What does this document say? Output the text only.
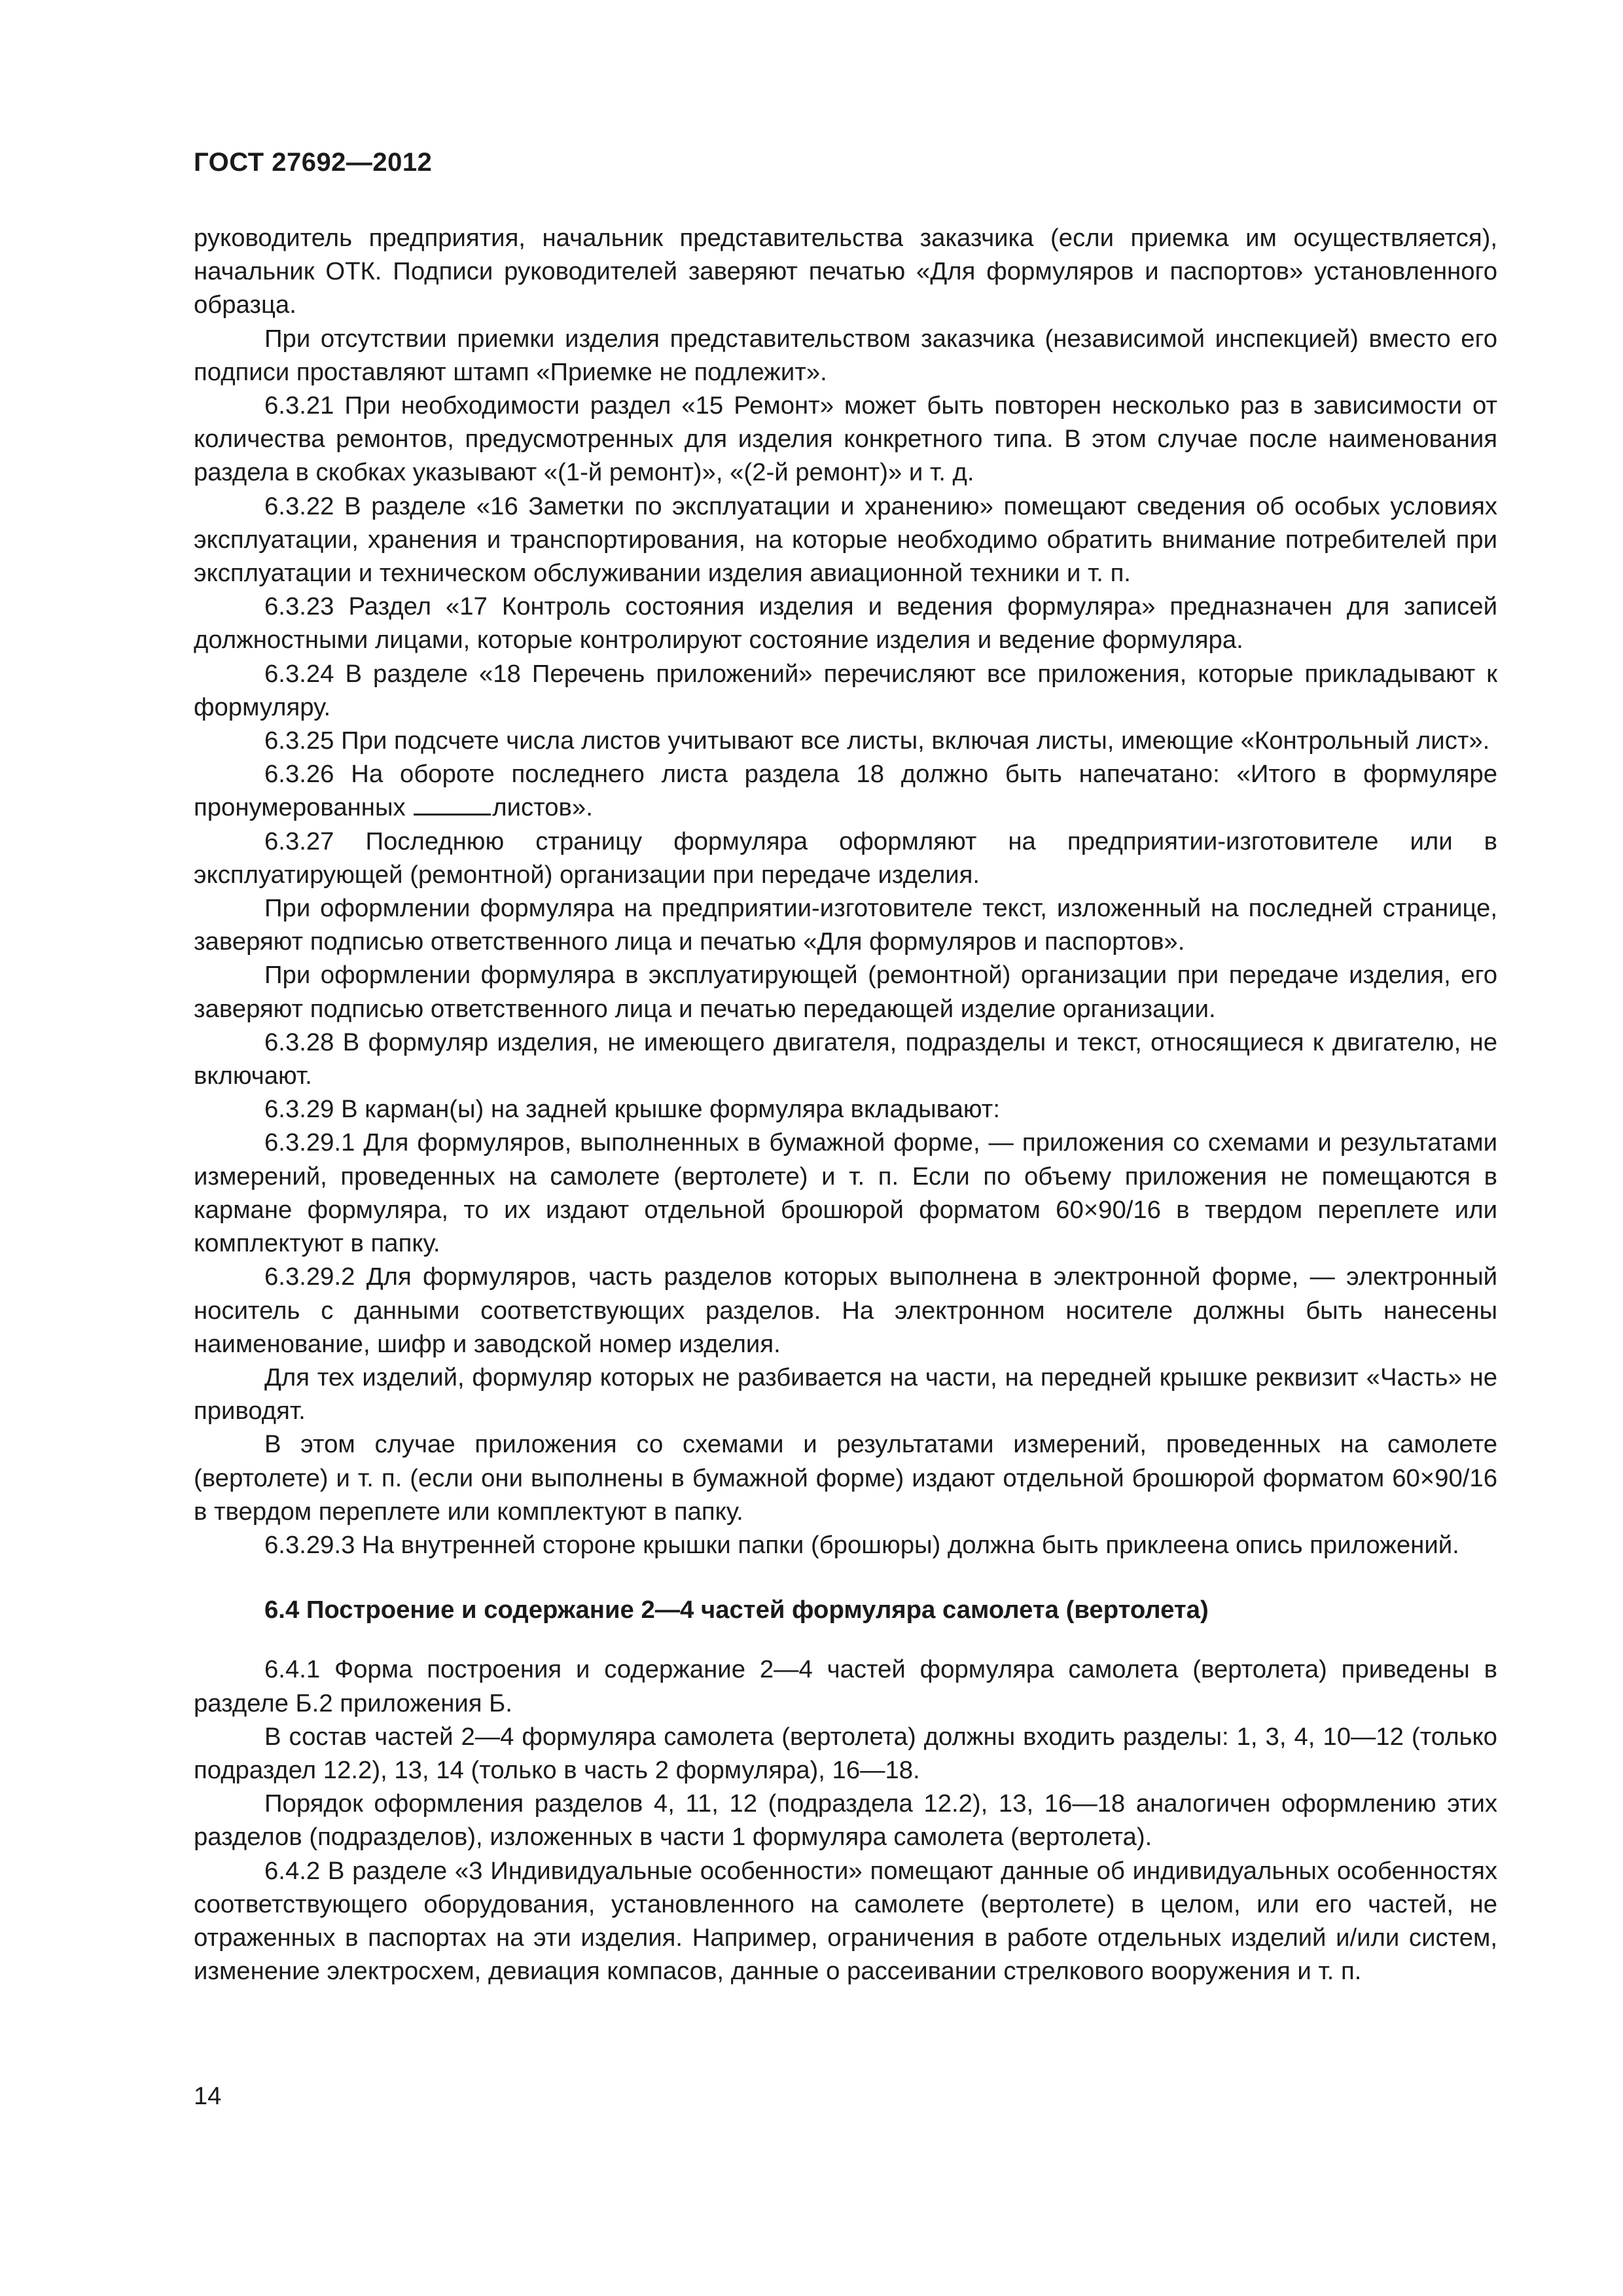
ГОСТ 27692—2012

руководитель предприятия, начальник представительства заказчика (если приемка им осуществляется), начальник ОТК. Подписи руководителей заверяют печатью «Для формуляров и паспортов» установленного образца.

При отсутствии приемки изделия представительством заказчика (независимой инспекцией) вместо его подписи проставляют штамп «Приемке не подлежит».

6.3.21 При необходимости раздел «15 Ремонт» может быть повторен несколько раз в зависимости от количества ремонтов, предусмотренных для изделия конкретного типа. В этом случае после наименования раздела в скобках указывают «(1-й ремонт)», «(2-й ремонт)» и т. д.

6.3.22 В разделе «16 Заметки по эксплуатации и хранению» помещают сведения об особых условиях эксплуатации, хранения и транспортирования, на которые необходимо обратить внимание потребителей при эксплуатации и техническом обслуживании изделия авиационной техники и т. п.

6.3.23 Раздел «17 Контроль состояния изделия и ведения формуляра» предназначен для записей должностными лицами, которые контролируют состояние изделия и ведение формуляра.

6.3.24 В разделе «18 Перечень приложений» перечисляют все приложения, которые прикладывают к формуляру.

6.3.25 При подсчете числа листов учитывают все листы, включая листы, имеющие «Контрольный лист».

6.3.26 На обороте последнего листа раздела 18 должно быть напечатано: «Итого в формуляре пронумерованных	листов».

6.3.27 Последнюю страницу формуляра оформляют на предприятии-изготовителе или в эксплуатирующей (ремонтной) организации при передаче изделия.

При оформлении формуляра на предприятии-изготовителе текст, изложенный на последней странице, заверяют подписью ответственного лица и печатью «Для формуляров и паспортов».

При оформлении формуляра в эксплуатирующей (ремонтной) организации при передаче изделия, его заверяют подписью ответственного лица и печатью передающей изделие организации.

6.3.28 В формуляр изделия, не имеющего двигателя, подразделы и текст, относящиеся к двигателю, не включают.

6.3.29 В карман(ы) на задней крышке формуляра вкладывают:

6.3.29.1 Для формуляров, выполненных в бумажной форме, — приложения со схемами и результатами измерений, проведенных на самолете (вертолете) и т. п. Если по объему приложения не помещаются в кармане формуляра, то их издают отдельной брошюрой форматом 60×90/16 в твердом переплете или комплектуют в папку.

6.3.29.2 Для формуляров, часть разделов которых выполнена в электронной форме, — электронный носитель с данными соответствующих разделов. На электронном носителе должны быть нанесены наименование, шифр и заводской номер изделия.

Для тех изделий, формуляр которых не разбивается на части, на передней крышке реквизит «Часть» не приводят.

В этом случае приложения со схемами и результатами измерений, проведенных на самолете (вертолете) и т. п. (если они выполнены в бумажной форме) издают отдельной брошюрой форматом 60×90/16 в твердом переплете или комплектуют в папку.

6.3.29.3 На внутренней стороне крышки папки (брошюры) должна быть приклеена опись приложений.

6.4 Построение и содержание 2—4 частей формуляра самолета (вертолета)

6.4.1 Форма построения и содержание 2—4 частей формуляра самолета (вертолета) приведены в разделе Б.2 приложения Б.

В состав частей 2—4 формуляра самолета (вертолета) должны входить разделы: 1, 3, 4, 10—12 (только подраздел 12.2), 13, 14 (только в часть 2 формуляра), 16—18.

Порядок оформления разделов 4, 11, 12 (подраздела 12.2), 13, 16—18 аналогичен оформлению этих разделов (подразделов), изложенных в части 1 формуляра самолета (вертолета).

6.4.2 В разделе «3 Индивидуальные особенности» помещают данные об индивидуальных особенностях соответствующего оборудования, установленного на самолете (вертолете) в целом, или его частей, не отраженных в паспортах на эти изделия. Например, ограничения в работе отдельных изделий и/или систем, изменение электросхем, девиация компасов, данные о рассеивании стрелкового вооружения и т. п.

14
